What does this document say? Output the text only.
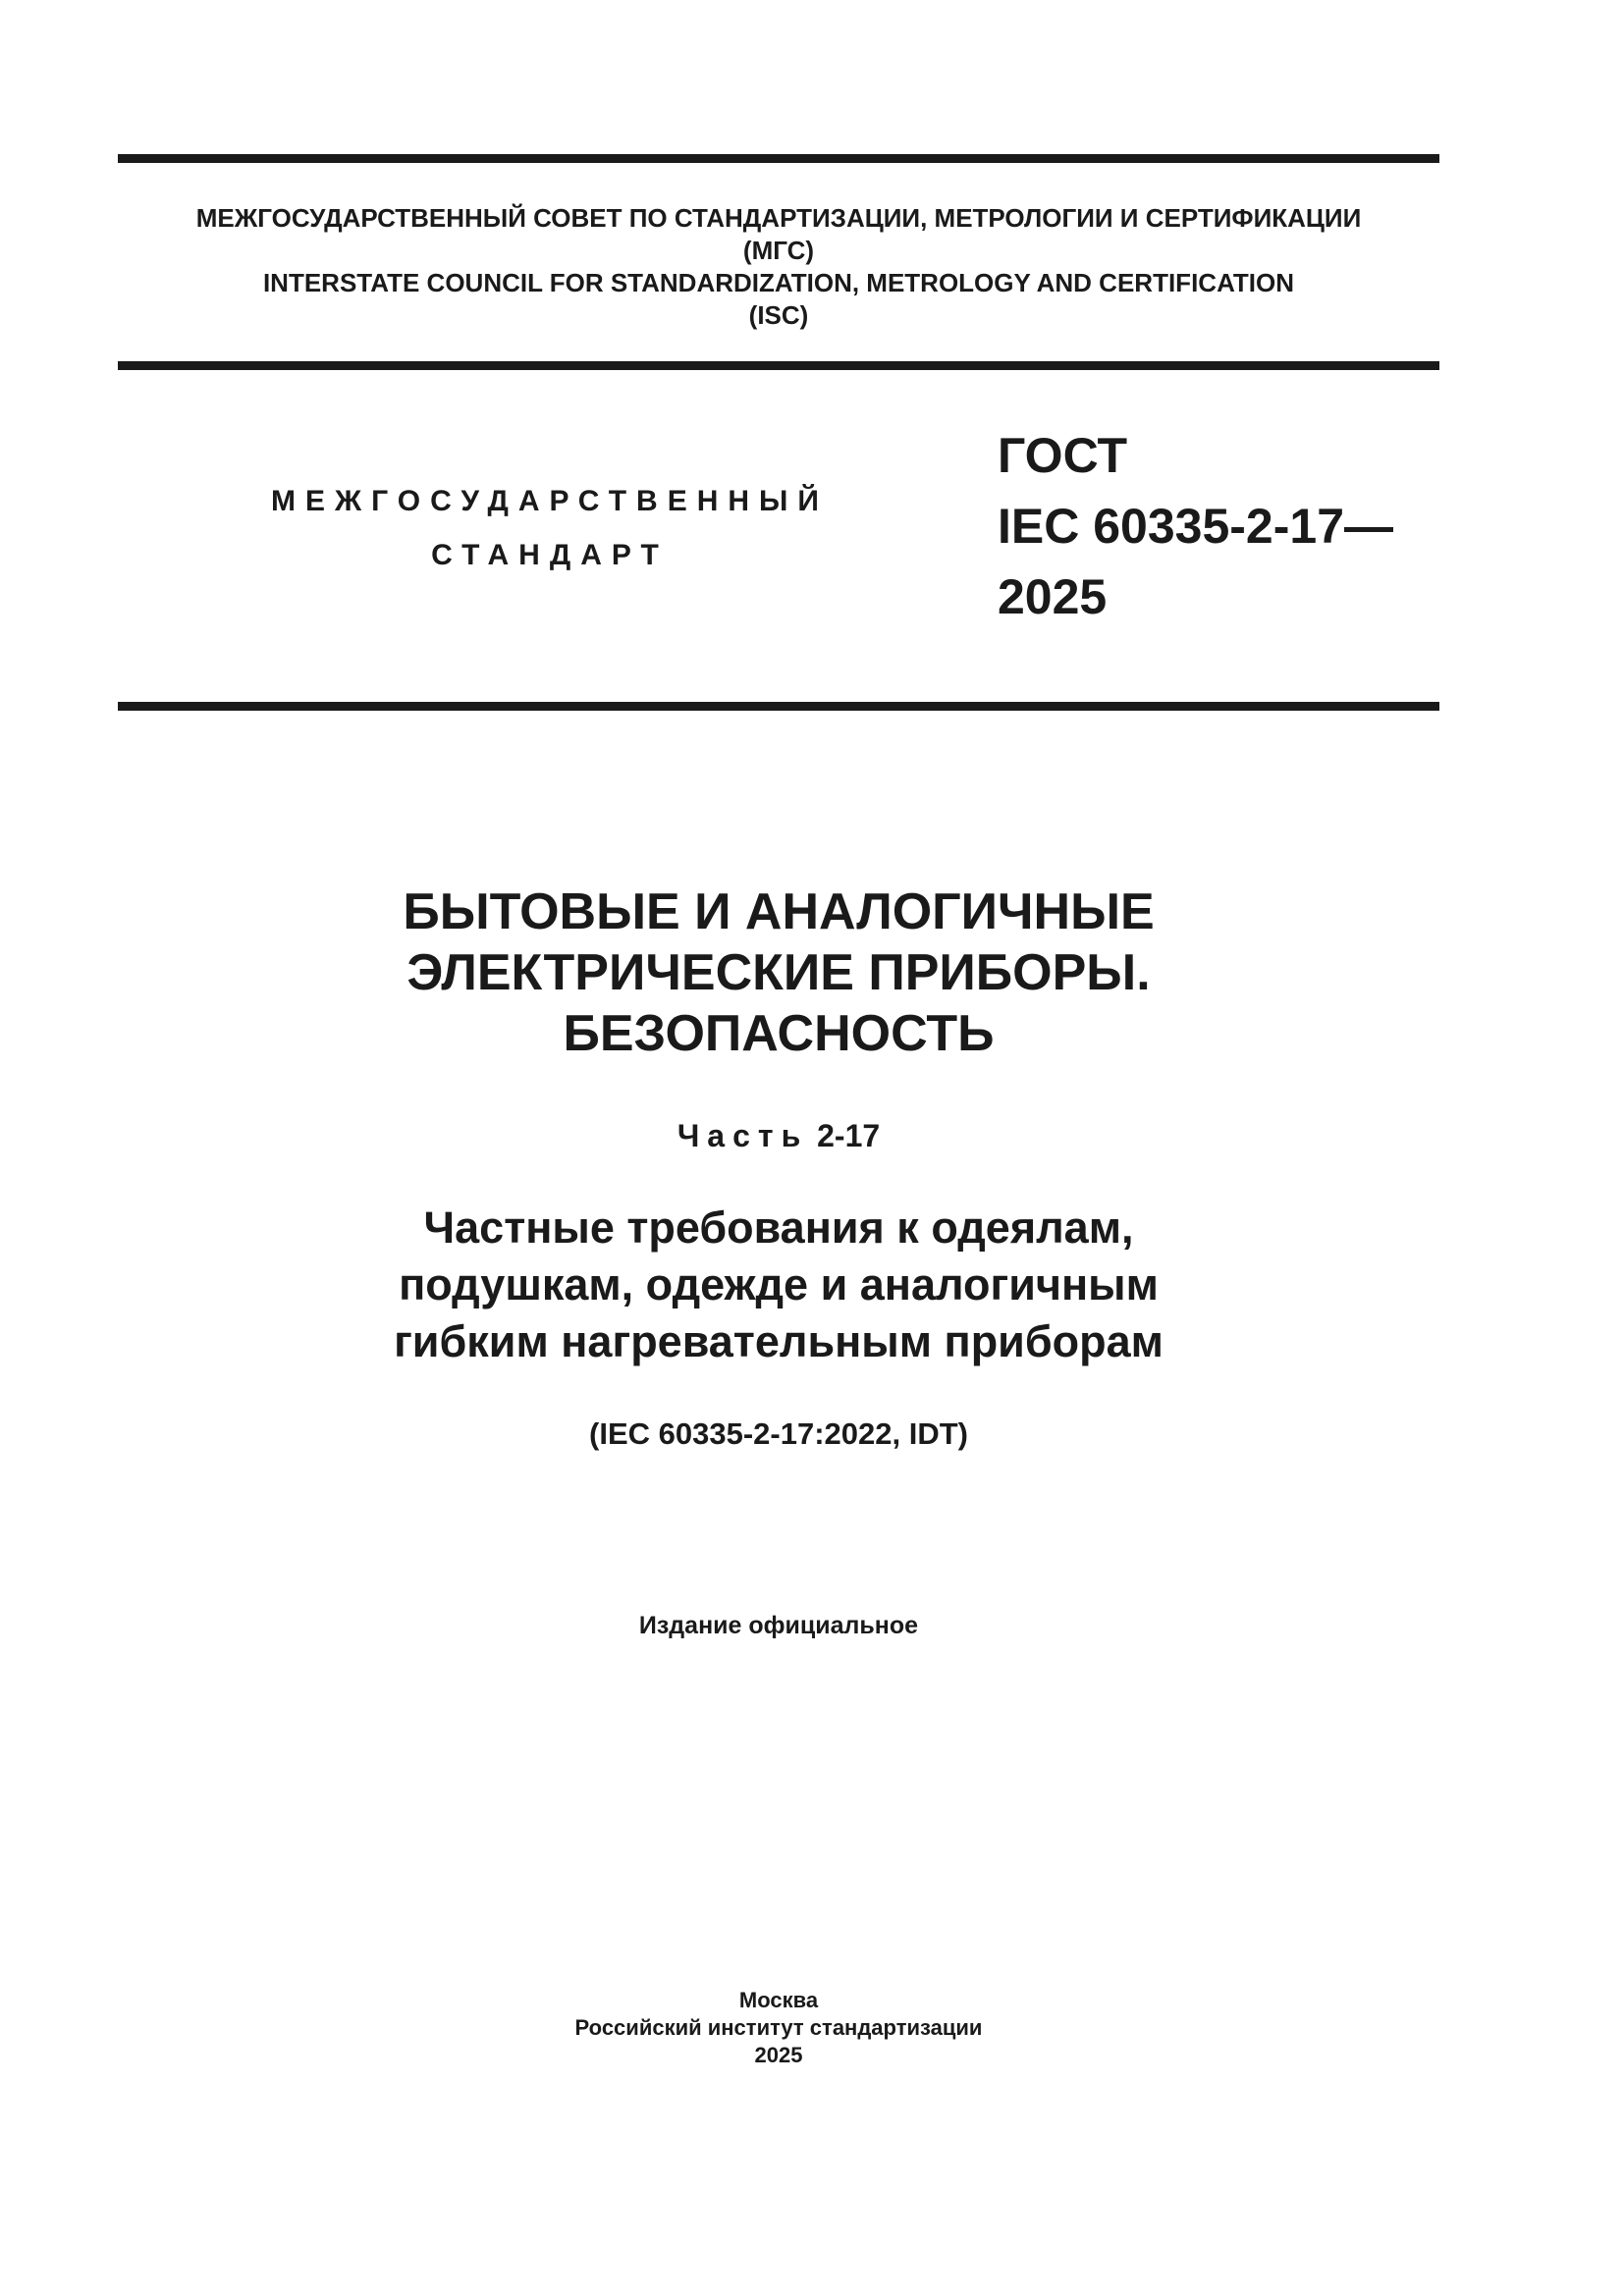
МЕЖГОСУДАРСТВЕННЫЙ СОВЕТ ПО СТАНДАРТИЗАЦИИ, МЕТРОЛОГИИ И СЕРТИФИКАЦИИ
(МГС)
INTERSTATE COUNCIL FOR STANDARDIZATION, METROLOGY AND CERTIFICATION
(ISC)
МЕЖГОСУДАРСТВЕННЫЙ
СТАНДАРТ
ГОСТ
IEC 60335-2-17—
2025
БЫТОВЫЕ И АНАЛОГИЧНЫЕ
ЭЛЕКТРИЧЕСКИЕ ПРИБОРЫ.
БЕЗОПАСНОСТЬ
Часть 2-17
Частные требования к одеялам,
подушкам, одежде и аналогичным
гибким нагревательным приборам
(IEC 60335-2-17:2022, IDT)
Издание официальное
Москва
Российский институт стандартизации
2025
